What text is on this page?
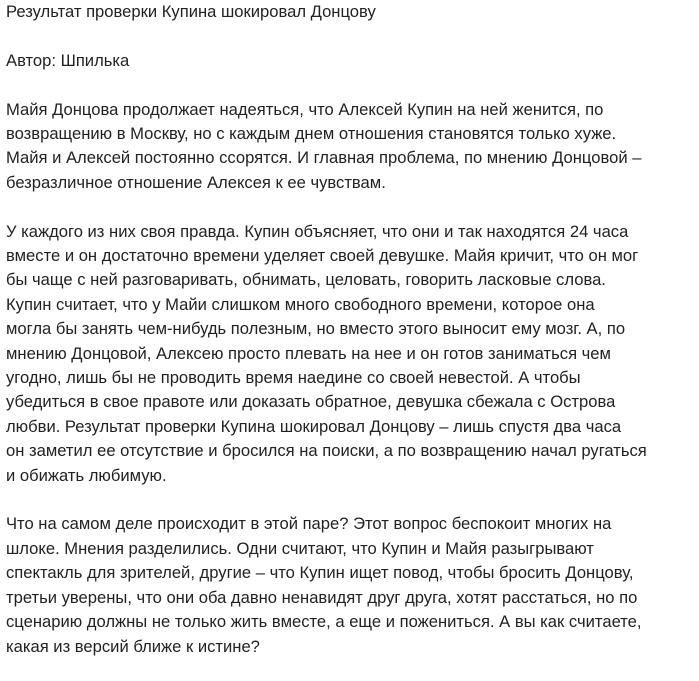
Результат проверки Купина шокировал Донцову

Автор: Шпилька

Майя Донцова продолжает надеяться, что Алексей Купин на ней женится, по
возвращению в Москву, но с каждым днем отношения становятся только хуже.
Майя и Алексей постоянно ссорятся. И главная проблема, по мнению Донцовой –
безразличное отношение Алексея к ее чувствам.

У каждого из них своя правда. Купин объясняет, что они и так находятся 24 часа
вместе и он достаточно времени уделяет своей девушке. Майя кричит, что он мог
бы чаще с ней разговаривать, обнимать, целовать, говорить ласковые слова.
Купин считает, что у Майи слишком много свободного времени, которое она
могла бы занять чем-нибудь полезным, но вместо этого выносит ему мозг. А, по
мнению Донцовой, Алексею просто плевать на нее и он готов заниматься чем
угодно, лишь бы не проводить время наедине со своей невестой. А чтобы
убедиться в свое правоте или доказать обратное, девушка сбежала с Острова
любви. Результат проверки Купина шокировал Донцову – лишь спустя два часа
он заметил ее отсутствие и бросился на поиски, а по возвращению начал ругаться
и обижать любимую.

Что на самом деле происходит в этой паре? Этот вопрос беспокоит многих на
шлоке. Мнения разделились. Одни считают, что Купин и Майя разыгрывают
спектакль для зрителей, другие – что Купин ищет повод, чтобы бросить Донцову,
третьи уверены, что они оба давно ненавидят друг друга, хотят расстаться, но по
сценарию должны не только жить вместе, а еще и пожениться. А вы как считаете,
какая из версий ближе к истине?
